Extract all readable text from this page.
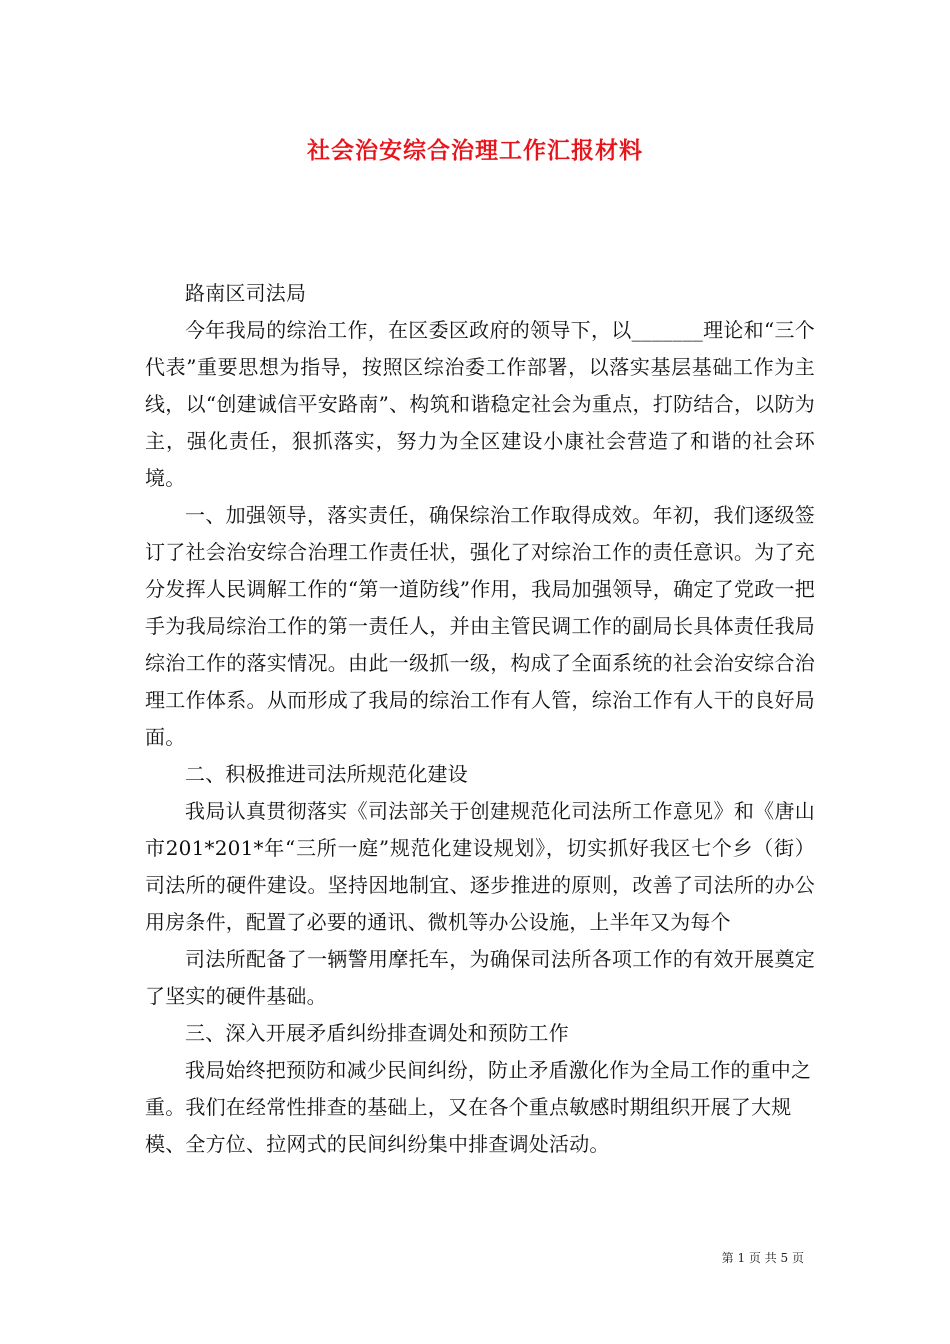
社会治安综合治理工作汇报材料

路南区司法局

今年我局的综治工作，在区委区政府的领导下，以_______理论和“三个代表”重要思想为指导，按照区综治委工作部署，以落实基层基础工作为主线，以“创建诚信平安路南”、构筑和谐稳定社会为重点，打防结合，以防为主，强化责任，狠抓落实，努力为全区建设小康社会营造了和谐的社会环境。

一、加强领导，落实责任，确保综治工作取得成效。年初，我们逐级签订了社会治安综合治理工作责任状，强化了对综治工作的责任意识。为了充分发挥人民调解工作的“第一道防线”作用，我局加强领导，确定了党政一把手为我局综治工作的第一责任人，并由主管民调工作的副局长具体责任我局综治工作的落实情况。由此一级抓一级，构成了全面系统的社会治安综合治理工作体系。从而形成了我局的综治工作有人管，综治工作有人干的良好局面。

二、积极推进司法所规范化建设

我局认真贯彻落实《司法部关于创建规范化司法所工作意见》和《唐山市201*201*年“三所一庭”规范化建设规划》，切实抓好我区七个乡（街）司法所的硬件建设。坚持因地制宜、逐步推进的原则，改善了司法所的办公用房条件，配置了必要的通讯、微机等办公设施，上半年又为每个

司法所配备了一辆警用摩托车，为确保司法所各项工作的有效开展奠定了坚实的硬件基础。

三、深入开展矛盾纠纷排查调处和预防工作

我局始终把预防和减少民间纠纷，防止矛盾激化作为全局工作的重中之重。我们在经常性排查的基础上，又在各个重点敏感时期组织开展了大规模、全方位、拉网式的民间纠纷集中排查调处活动。

第 1 页 共 5 页
